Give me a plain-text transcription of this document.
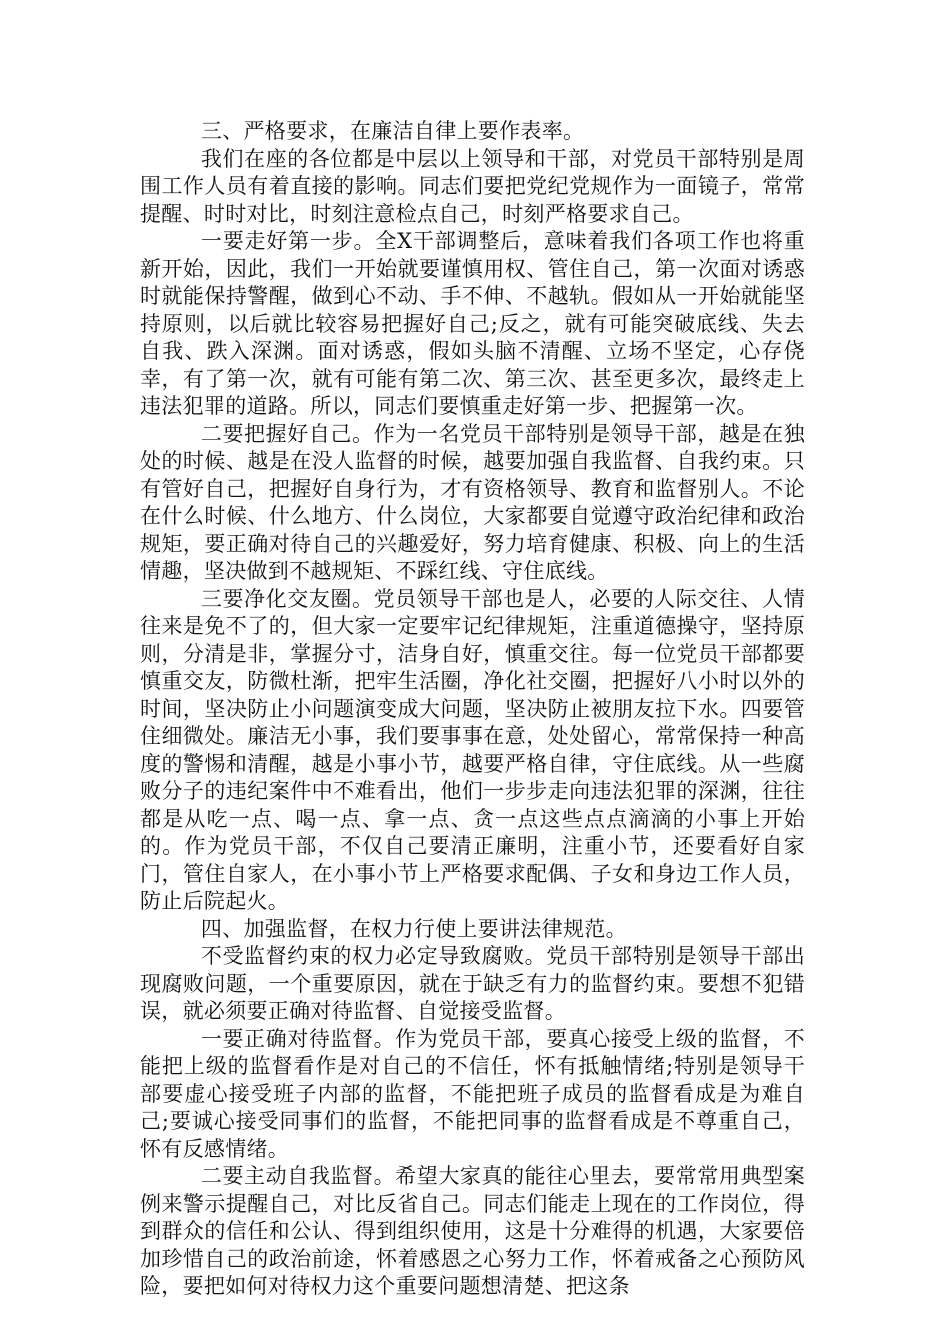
三、严格要求，在廉洁自律上要作表率。

我们在座的各位都是中层以上领导和干部，对党员干部特别是周围工作人员有着直接的影响。同志们要把党纪党规作为一面镜子，常常提醒、时时对比，时刻注意检点自己，时刻严格要求自己。

一要走好第一步。全X干部调整后，意味着我们各项工作也将重新开始，因此，我们一开始就要谨慎用权、管住自己，第一次面对诱惑时就能保持警醒，做到心不动、手不伸、不越轨。假如从一开始就能坚持原则，以后就比较容易把握好自己;反之，就有可能突破底线、失去自我、跌入深渊。面对诱惑，假如头脑不清醒、立场不坚定，心存侥幸，有了第一次，就有可能有第二次、第三次、甚至更多次，最终走上违法犯罪的道路。所以，同志们要慎重走好第一步、把握第一次。

二要把握好自己。作为一名党员干部特别是领导干部，越是在独处的时候、越是在没人监督的时候，越要加强自我监督、自我约束。只有管好自己，把握好自身行为，才有资格领导、教育和监督别人。不论在什么时候、什么地方、什么岗位，大家都要自觉遵守政治纪律和政治规矩，要正确对待自己的兴趣爱好，努力培育健康、积极、向上的生活情趣，坚决做到不越规矩、不踩红线、守住底线。

三要净化交友圈。党员领导干部也是人，必要的人际交往、人情往来是免不了的，但大家一定要牢记纪律规矩，注重道德操守，坚持原则，分清是非，掌握分寸，洁身自好，慎重交往。每一位党员干部都要慎重交友，防微杜渐，把牢生活圈，净化社交圈，把握好八小时以外的时间，坚决防止小问题演变成大问题，坚决防止被朋友拉下水。四要管住细微处。廉洁无小事，我们要事事在意，处处留心，常常保持一种高度的警惕和清醒，越是小事小节，越要严格自律，守住底线。从一些腐败分子的违纪案件中不难看出，他们一步步走向违法犯罪的深渊，往往都是从吃一点、喝一点、拿一点、贪一点这些点点滴滴的小事上开始的。作为党员干部，不仅自己要清正廉明，注重小节，还要看好自家门，管住自家人，在小事小节上严格要求配偶、子女和身边工作人员，防止后院起火。

四、加强监督，在权力行使上要讲法律规范。

不受监督约束的权力必定导致腐败。党员干部特别是领导干部出现腐败问题，一个重要原因，就在于缺乏有力的监督约束。要想不犯错误，就必须要正确对待监督、自觉接受监督。

一要正确对待监督。作为党员干部，要真心接受上级的监督，不能把上级的监督看作是对自己的不信任，怀有抵触情绪;特别是领导干部要虚心接受班子内部的监督，不能把班子成员的监督看成是为难自己;要诚心接受同事们的监督，不能把同事的监督看成是不尊重自己，怀有反感情绪。

二要主动自我监督。希望大家真的能往心里去，要常常用典型案例来警示提醒自己，对比反省自己。同志们能走上现在的工作岗位，得到群众的信任和公认、得到组织使用，这是十分难得的机遇，大家要倍加珍惜自己的政治前途，怀着感恩之心努力工作，怀着戒备之心预防风险，要把如何对待权力这个重要问题想清楚、把这条
